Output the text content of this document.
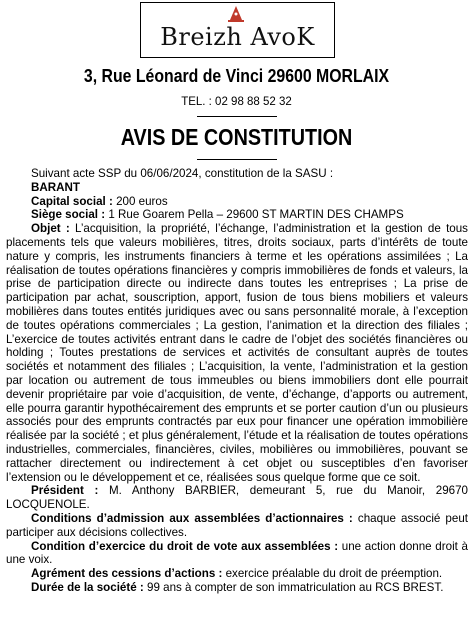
Breizh AvoK
3, Rue Léonard de Vinci 29600 MORLAIX
TEL. : 02 98 88 52 32
AVIS DE CONSTITUTION

Suivant acte SSP du 06/06/2024, constitution de la SASU :

BARANT

Capital social : 200 euros

Siège social : 1 Rue Goarem Pella – 29600 ST MARTIN DES CHAMPS

Objet : L’acquisition, la propriété, l’échange, l’administration et la gestion de tous placements tels que valeurs mobilières, titres, droits sociaux, parts d’intérêts de toute nature y compris, les instruments financiers à terme et les opérations assimilées ; La réalisation de toutes opérations financières y compris immobilières de fonds et valeurs, la prise de participation directe ou indirecte dans toutes les entreprises ; La prise de participation par achat, souscription, apport, fusion de tous biens mobiliers et valeurs mobilières dans toutes entités juridiques avec ou sans personnalité morale, à l’exception de toutes opérations commerciales ; La gestion, l’animation et la direction des filiales ; L’exercice de toutes activités entrant dans le cadre de l’objet des sociétés financières ou holding ; Toutes prestations de services et activités de consultant auprès de toutes sociétés et notamment des filiales ; L’acquisition, la vente, l’administration et la gestion par location ou autrement de tous immeubles ou biens immobiliers dont elle pourrait devenir propriétaire par voie d’acquisition, de vente, d’échange, d’apports ou autrement, elle pourra garantir hypothécairement des emprunts et se porter caution d’un ou plusieurs associés pour des emprunts contractés par eux pour financer une opération immobilière réalisée par la société ; et plus généralement, l’étude et la réalisation de toutes opérations industrielles, commerciales, financières, civiles, mobilières ou immobilières, pouvant se rattacher directement ou indirectement à cet objet ou susceptibles d’en favoriser l’extension ou le développement et ce, réalisées sous quelque forme que ce soit.

Président : M. Anthony BARBIER, demeurant 5, rue du Manoir, 29670 LOCQUENOLE.

Conditions d’admission aux assemblées d’actionnaires : chaque associé peut participer aux décisions collectives.

Condition d’exercice du droit de vote aux assemblées : une action donne droit à une voix.

Agrément des cessions d’actions : exercice préalable du droit de préemption.

Durée de la société : 99 ans à compter de son immatriculation au RCS BREST.
